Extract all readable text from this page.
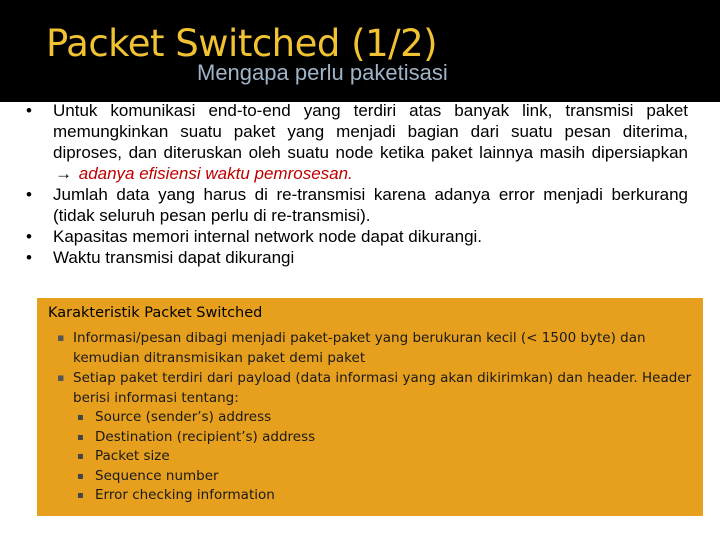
Packet Switched (1/2)
Mengapa perlu paketisasi
• Untuk komunikasi end-to-end yang terdiri atas banyak link, transmisi paket memungkinkan suatu paket yang menjadi bagian dari suatu pesan diterima, diproses, dan diteruskan oleh suatu node ketika paket lainnya masih dipersiapkan → adanya efisiensi waktu pemrosesan.
• Jumlah data yang harus di re-transmisi karena adanya error menjadi berkurang (tidak seluruh pesan perlu di re-transmisi).
• Kapasitas memori internal network node dapat dikurangi.
• Waktu transmisi dapat dikurangi
Karakteristik Packet Switched
▪ Informasi/pesan dibagi menjadi paket-paket yang berukuran kecil (< 1500 byte) dan kemudian ditransmisikan paket demi paket
▪ Setiap paket terdiri dari payload (data informasi yang akan dikirimkan) dan header. Header berisi informasi tentang:
▪ Source (sender’s) address
▪ Destination (recipient’s) address
▪ Packet size
▪ Sequence number
▪ Error checking information
